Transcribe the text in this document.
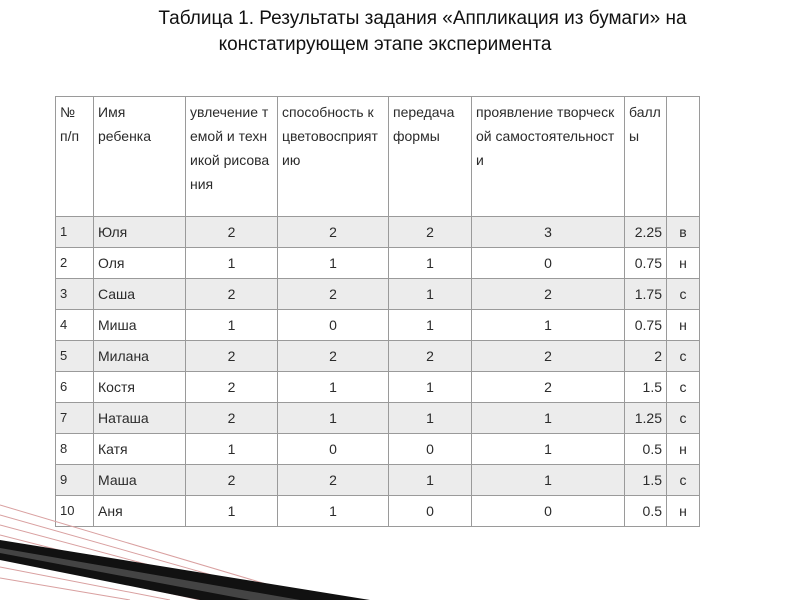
Таблица 1. Результаты задания «Аппликация из бумаги» на
констатирующем этапе эксперимента
№ п/п	Имя ребенка	увлечение темой и техникой рисования	способность к цветовосприятию	передача формы	проявление творческой самостоятельности	баллы	
1	Юля	2	2	2	3	2.25	в
2	Оля	1	1	1	0	0.75	н
3	Саша	2	2	1	2	1.75	с
4	Миша	1	0	1	1	0.75	н
5	Милана	2	2	2	2	2	с
6	Костя	2	1	1	2	1.5	с
7	Наташа	2	1	1	1	1.25	с
8	Катя	1	0	0	1	0.5	н
9	Маша	2	2	1	1	1.5	с
10	Аня	1	1	0	0	0.5	н
